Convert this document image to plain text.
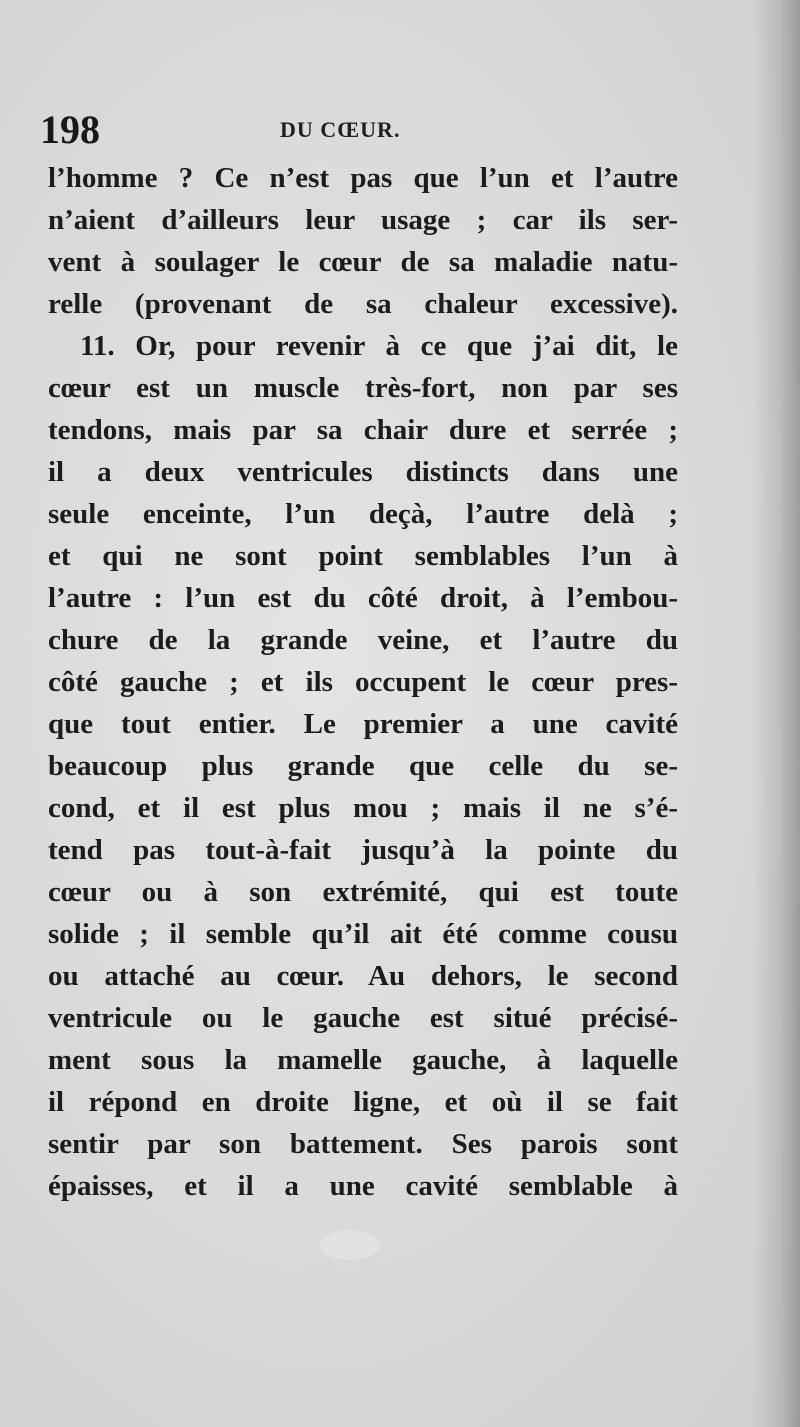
198	DU CŒUR.
l’homme ? Ce n’est pas que l’un et l’autre
n’aient d’ailleurs leur usage ; car ils ser-
vent à soulager le cœur de sa maladie natu-
relle (provenant de sa chaleur excessive).
11. Or, pour revenir à ce que j’ai dit, le
cœur est un muscle très-fort, non par ses
tendons, mais par sa chair dure et serrée ;
il a deux ventricules distincts dans une
seule enceinte, l’un deçà, l’autre delà ;
et qui ne sont point semblables l’un à
l’autre : l’un est du côté droit, à l’embou-
chure de la grande veine, et l’autre du
côté gauche ; et ils occupent le cœur pres-
que tout entier. Le premier a une cavité
beaucoup plus grande que celle du se-
cond, et il est plus mou ; mais il ne s’é-
tend pas tout-à-fait jusqu’à la pointe du
cœur ou à son extrémité, qui est toute
solide ; il semble qu’il ait été comme cousu
ou attaché au cœur. Au dehors, le second
ventricule ou le gauche est situé précisé-
ment sous la mamelle gauche, à laquelle
il répond en droite ligne, et où il se fait
sentir par son battement. Ses parois sont
épaisses, et il a une cavité semblable à
